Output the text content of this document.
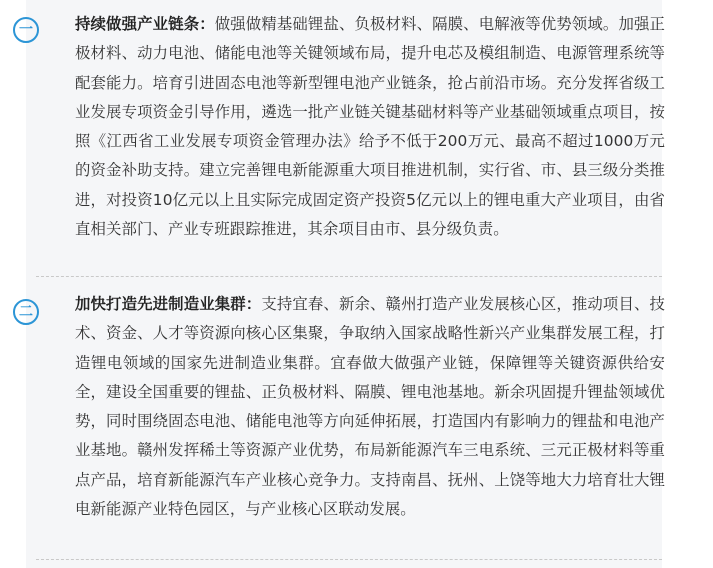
一	持续做强产业链条：做强做精基础锂盐、负极材料、隔膜、电解液等优势领域。加强正极材料、动力电池、储能电池等关键领域布局，提升电芯及模组制造、电源管理系统等配套能力。培育引进固态电池等新型锂电池产业链条，抢占前沿市场。充分发挥省级工业发展专项资金引导作用，遴选一批产业链关键基础材料等产业基础领域重点项目，按照《江西省工业发展专项资金管理办法》给予不低于200万元、最高不超过1000万元的资金补助支持。建立完善锂电新能源重大项目推进机制，实行省、市、县三级分类推进，对投资10亿元以上且实际完成固定资产投资5亿元以上的锂电重大产业项目，由省直相关部门、产业专班跟踪推进，其余项目由市、县分级负责。
二	加快打造先进制造业集群：支持宜春、新余、赣州打造产业发展核心区，推动项目、技术、资金、人才等资源向核心区集聚，争取纳入国家战略性新兴产业集群发展工程，打造锂电领域的国家先进制造业集群。宜春做大做强产业链，保障锂等关键资源供给安全，建设全国重要的锂盐、正负极材料、隔膜、锂电池基地。新余巩固提升锂盐领域优势，同时围绕固态电池、储能电池等方向延伸拓展，打造国内有影响力的锂盐和电池产业基地。赣州发挥稀土等资源产业优势，布局新能源汽车三电系统、三元正极材料等重点产品，培育新能源汽车产业核心竞争力。支持南昌、抚州、上饶等地大力培育壮大锂电新能源产业特色园区，与产业核心区联动发展。
